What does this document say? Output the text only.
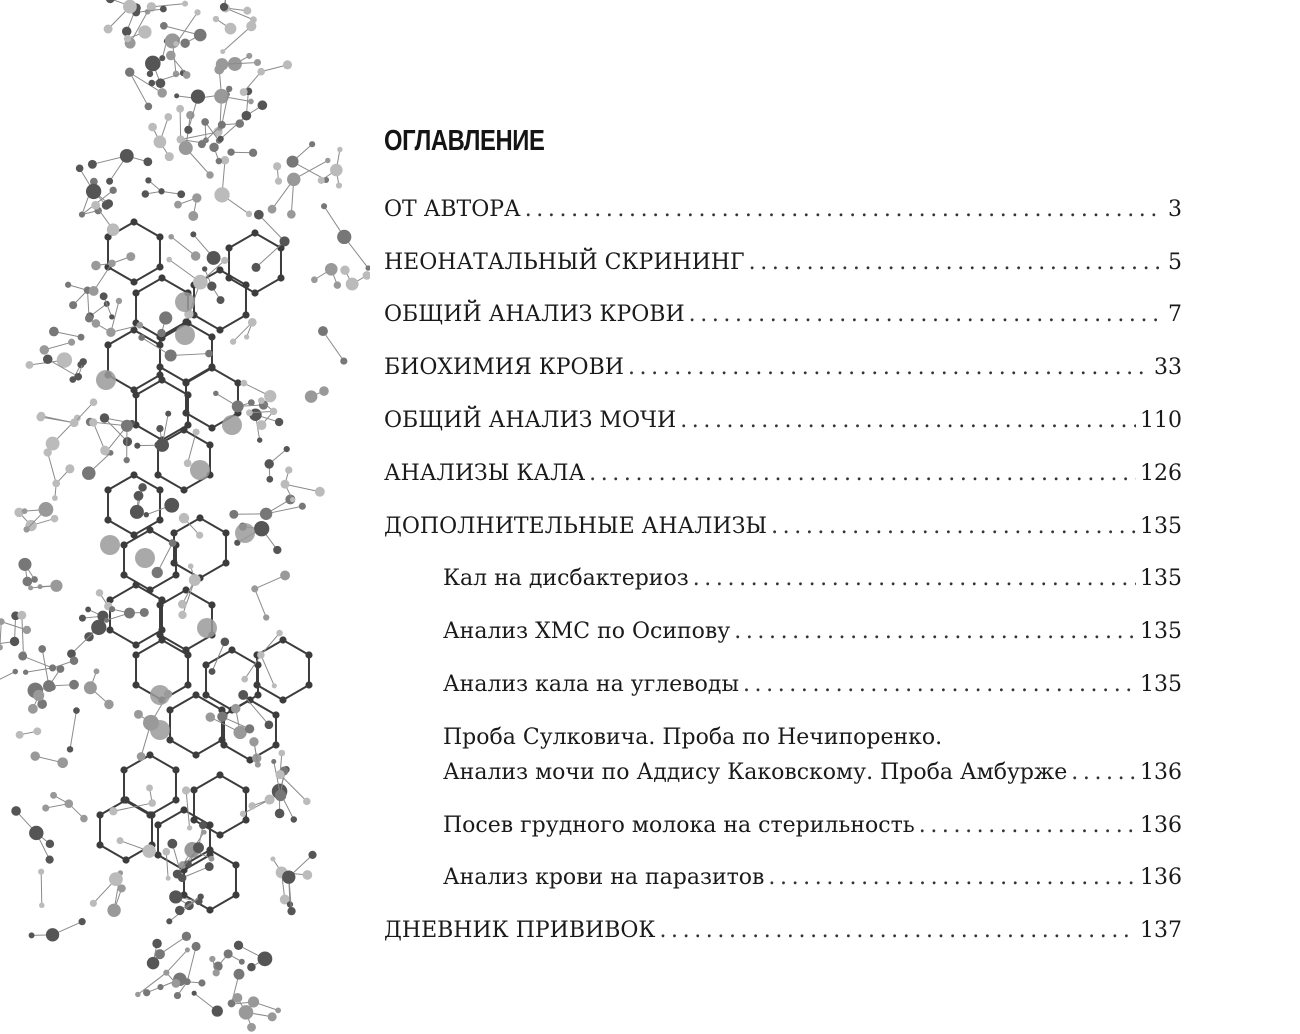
ОГЛАВЛЕНИЕ
ОТ АВТОРА . . .	3
НЕОНАТАЛЬНЫЙ СКРИНИНГ . . .	5
ОБЩИЙ АНАЛИЗ КРОВИ . . .	7
БИОХИМИЯ КРОВИ . . .	33
ОБЩИЙ АНАЛИЗ МОЧИ . . .	110
АНАЛИЗЫ КАЛА . . .	126
ДОПОЛНИТЕЛЬНЫЕ АНАЛИЗЫ . . .	135
Кал на дисбактериоз . . .	135
Анализ ХМС по Осипову . . .	135
Анализ кала на углеводы . . .	135
Проба Сулковича. Проба по Нечипоренко.
Анализ мочи по Аддису Каковскому. Проба Амбурже . . .	136
Посев грудного молока на стерильность . . .	136
Анализ крови на паразитов . . .	136
ДНЕВНИК ПРИВИВОК . . .	137
